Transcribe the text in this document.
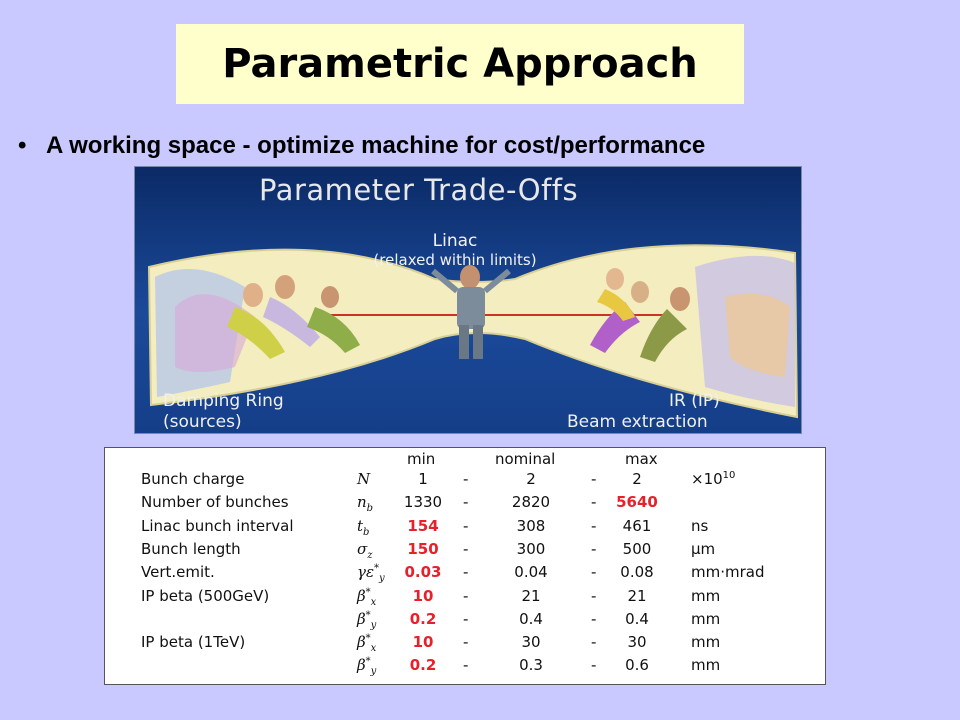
Parametric Approach
• A working space - optimize machine for cost/performance
Parameter Trade-Offs
Linac
(relaxed within limits)
Damping Ring
(sources)
IR (IP)
Beam extraction
min	nominal	max
Bunch charge	N	1	-	2	-	2	$\times 10^{10}$
Number of bunches	$n_b$	1330	-	2820	-	5640
Linac bunch interval	$t_b$	154	-	308	-	461	ns
Bunch length	$\sigma_z$	150	-	300	-	500	μm
Vert.emit.	$\gamma\varepsilon^*_y$	0.03	-	0.04	-	0.08	mm·mrad
IP beta (500GeV)	$\beta^*_x$	10	-	21	-	21	mm
$\beta^*_y$	0.2	-	0.4	-	0.4	mm
IP beta (1TeV)	$\beta^*_x$	10	-	30	-	30	mm
$\beta^*_y$	0.2	-	0.3	-	0.6	mm
